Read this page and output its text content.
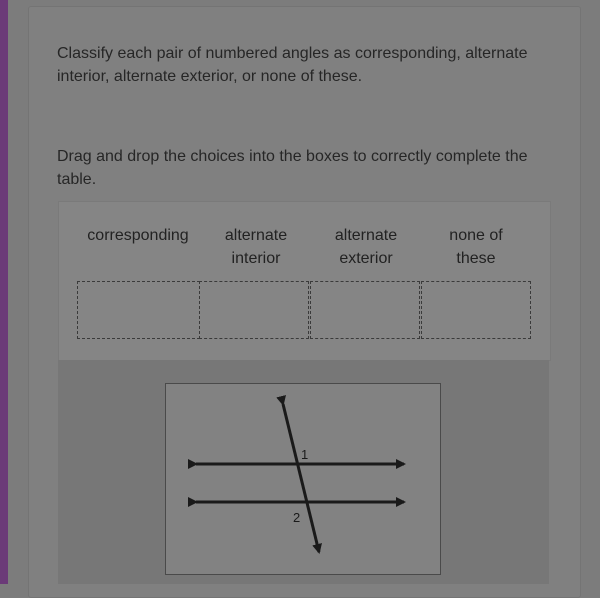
Classify each pair of numbered angles as corresponding, alternate interior, alternate exterior, or none of these.
Drag and drop the choices into the boxes to correctly complete the table.
corresponding	alternate
interior
alternate
exterior
none of
these
1
2
